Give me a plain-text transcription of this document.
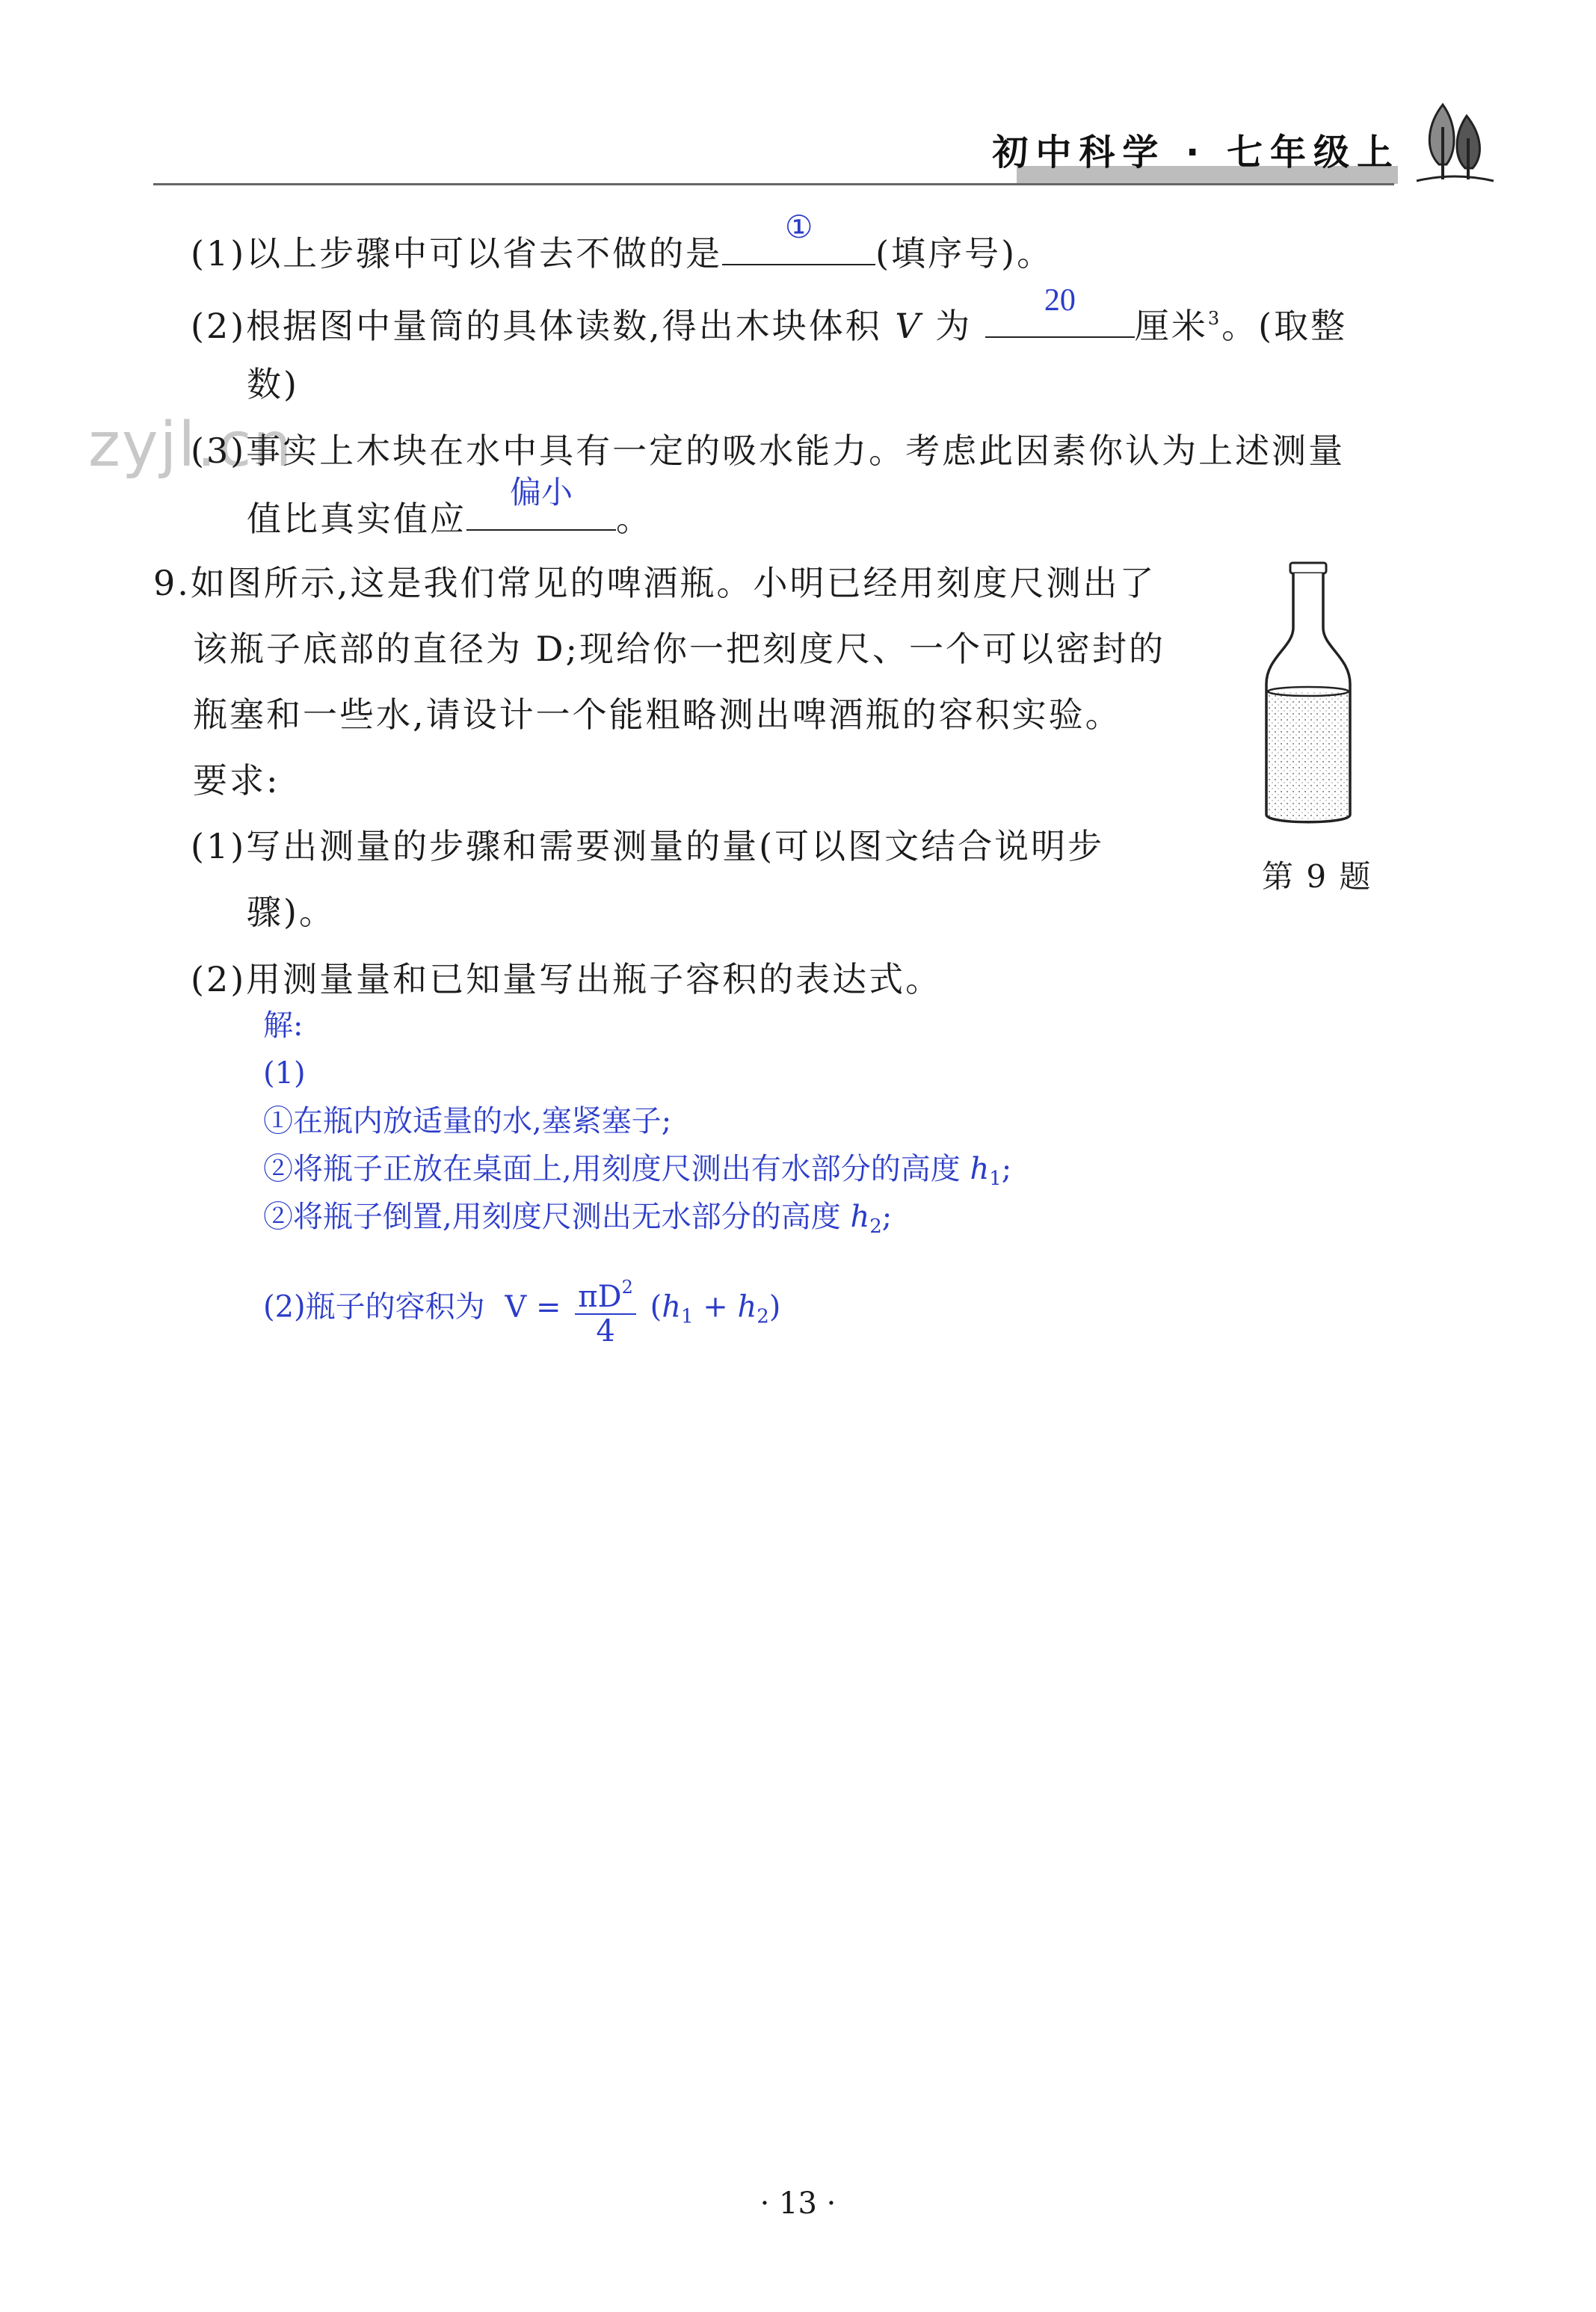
初中科学 · 七年级上
zyjl.cn
(1)以上步骤中可以省去不做的是
①
(填序号)。
(2)根据图中量筒的具体读数,得出木块体积 V 为
20
厘米$^3$。(取整
数)
(3)事实上木块在水中具有一定的吸水能力。考虑此因素你认为上述测量
值比真实值应
偏小
。
9.如图所示,这是我们常见的啤酒瓶。小明已经用刻度尺测出了
该瓶子底部的直径为 D;现给你一把刻度尺、一个可以密封的
瓶塞和一些水,请设计一个能粗略测出啤酒瓶的容积实验。
要求:
(1)写出测量的步骤和需要测量的量(可以图文结合说明步
骤)。
(2)用测量量和已知量写出瓶子容积的表达式。
第 9 题
解:
(1)
①在瓶内放适量的水,塞紧塞子;
②将瓶子正放在桌面上,用刻度尺测出有水部分的高度 $h_1$;
②将瓶子倒置,用刻度尺测出无水部分的高度 $h_2$;
(2)瓶子的容积为 $V = \frac{\pi D^2}{4} (h_1 + h_2)$
· 13 ·
